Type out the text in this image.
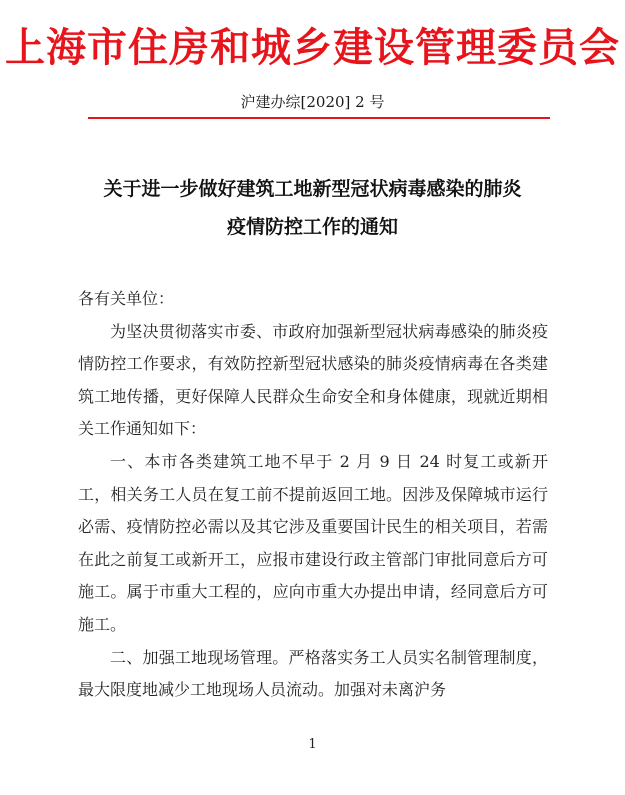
上海市住房和城乡建设管理委员会
沪建办综[2020] 2 号
关于进一步做好建筑工地新型冠状病毒感染的肺炎
疫情防控工作的通知

各有关单位：

为坚决贯彻落实市委、市政府加强新型冠状病毒感染的肺炎疫情防控工作要求，有效防控新型冠状感染的肺炎疫情病毒在各类建筑工地传播，更好保障人民群众生命安全和身体健康，现就近期相关工作通知如下：

一、本市各类建筑工地不早于 2 月 9 日 24 时复工或新开工，相关务工人员在复工前不提前返回工地。因涉及保障城市运行必需、疫情防控必需以及其它涉及重要国计民生的相关项目，若需在此之前复工或新开工，应报市建设行政主管部门审批同意后方可施工。属于市重大工程的，应向市重大办提出申请，经同意后方可施工。

二、加强工地现场管理。严格落实务工人员实名制管理制度，最大限度地减少工地现场人员流动。加强对未离沪务

1
